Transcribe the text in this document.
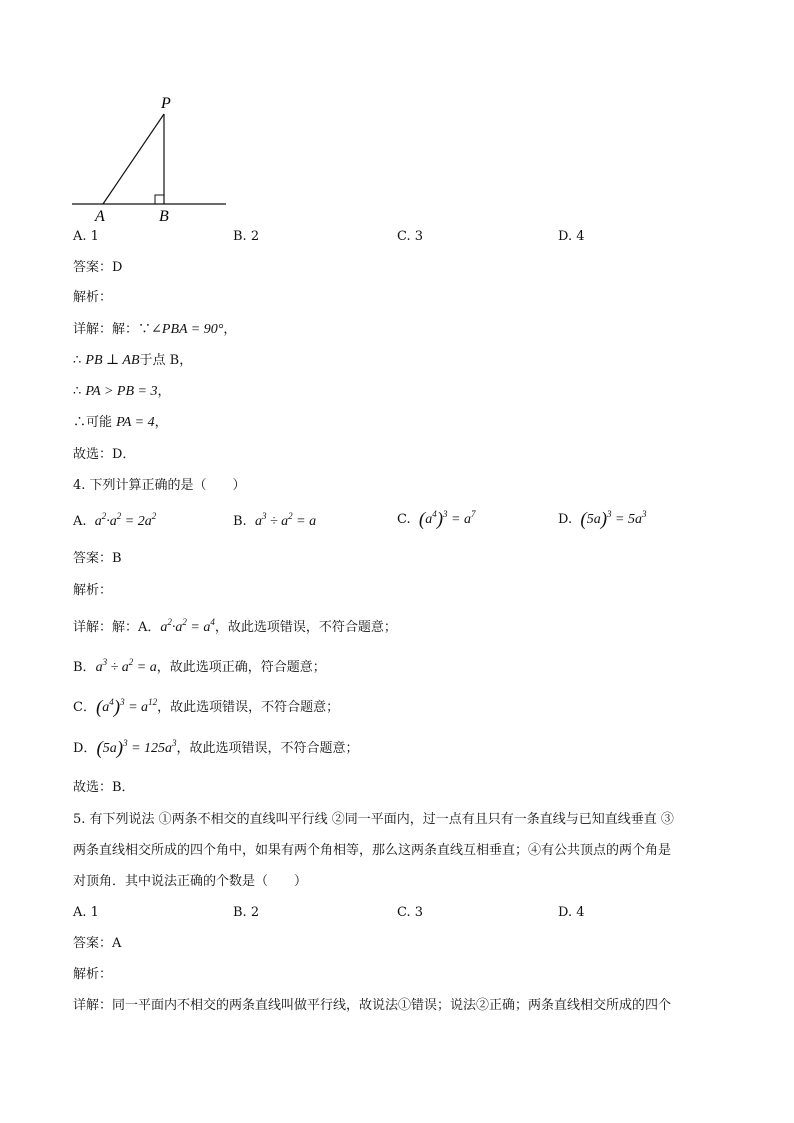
P
A	B
A. 1	B. 2	C. 3	D. 4
答案：D
解析：
详解：解：∵∠PBA = 90°，
∴ PB ⊥ AB于点 B，
∴ PA > PB = 3，
∴可能 PA = 4，
故选：D．
4. 下列计算正确的是（　　）
A. $a^2\cdot a^2 = 2a^2$	B. $a^3 \div a^2 = a$	C. $(a^4)^3 = a^7$	D. $(5a)^3 = 5a^3$
答案：B
解析：
详解：解：A．$a^2\cdot a^2 = a^4$，故此选项错误，不符合题意；
B．$a^3 \div a^2 = a$，故此选项正确，符合题意；
C．$(a^4)^3 = a^{12}$，故此选项错误，不符合题意；
D．$(5a)^3 = 125a^3$，故此选项错误，不符合题意；
故选：B．
5. 有下列说法 ①两条不相交的直线叫平行线 ②同一平面内，过一点有且只有一条直线与已知直线垂直 ③
两条直线相交所成的四个角中，如果有两个角相等，那么这两条直线互相垂直；④有公共顶点的两个角是
对顶角．其中说法正确的个数是（　　）
A. 1	B. 2	C. 3	D. 4
答案：A
解析：
详解：同一平面内不相交的两条直线叫做平行线，故说法①错误；说法②正确；两条直线相交所成的四个
